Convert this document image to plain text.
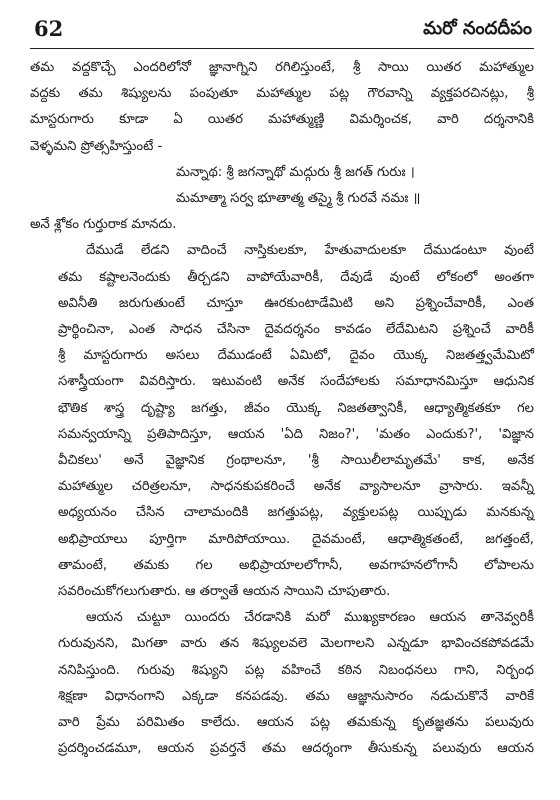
62	మరో నందదీపం

తమ వద్దకొచ్చే ఎందరిలోనో జ్ఞానాగ్నిని రగిలిస్తుంటే, శ్రీ సాయి యితర మహాత్ముల
వద్దకు తమ శిష్యులను పంపుతూ మహాత్ముల పట్ల గౌరవాన్ని వ్యక్తపరచినట్లు, శ్రీ
మాస్టరుగారు కూడా ఏ యితర మహాత్ముణ్ణి విమర్శించక, వారి దర్శనానికి
వెళ్ళమని ప్రోత్సహిస్తుంటే -

మన్నాథ: శ్రీ జగన్నాథో మద్గురు శ్రీ జగత్ గురుః ।
మమాత్మా సర్వ భూతాత్మ తస్మై శ్రీ గురవే నమః ॥

అనే శ్లోకం గుర్తురాక మానదు.

దేముడే లేడని వాదించే నాస్తికులకూ, హేతువాదులకూ దేముడంటూ వుంటే
తమ కష్టాలనెందుకు తీర్చడని వాపోయేవారికీ, దేవుడే వుంటే లోకంలో అంతగా
అవినీతి జరుగుతుంటే చూస్తూ ఊరకుంటాడేమిటి అని ప్రశ్నించేవారికీ, ఎంత
ప్రార్థించినా, ఎంత సాధన చేసినా దైవదర్శనం కావడం లేదేమిటని ప్రశ్నించే వారికీ
శ్రీ మాస్టరుగారు అసలు దేముడంటే ఏమిటో, దైవం యొక్క నిజతత్త్వమేమిటో
సశాస్త్రీయంగా వివరిస్తారు. ఇటువంటి అనేక సందేహాలకు సమాధానమిస్తూ ఆధునిక
భౌతిక శాస్త్ర దృష్ట్యా జగత్తు, జీవం యొక్క నిజతత్వానికీ, ఆధ్యాత్మికతకూ గల
సమన్వయాన్ని ప్రతిపాదిస్తూ, ఆయన 'ఏది నిజం?', 'మతం ఎందుకు?', 'విజ్ఞాన
వీచికలు' అనే వైజ్ఞానిక గ్రంథాలనూ, 'శ్రీ సాయిలీలామృతమే' కాక, అనేక
మహాత్ముల చరిత్రలనూ, సాధనకుపకరించే అనేక వ్యాసాలనూ వ్రాసారు. ఇవన్నీ
అధ్యయనం చేసిన చాలామందికి జగత్తుపట్ల, వ్యక్తులపట్ల యిప్పుడు మనకున్న
అభిప్రాయాలు పూర్తిగా మారిపోయాయి. దైవమంటే, ఆధాత్మికతంటే, జగత్తంటే,
తామంటే, తమకు గల అభిప్రాయాలలోగానీ, అవగాహనలోగానీ లోపాలను
సవరించుకోగలుగుతారు. ఆ తర్వాతే ఆయన సాయిని చూపుతారు.

ఆయన చుట్టూ యిందరు చేరడానికి మరో ముఖ్యకారణం ఆయన తానెవ్వరికీ
గురువునని, మిగతా వారు తన శిష్యులవలె మెలగాలని ఎన్నడూ భావించకపోవడమే
ననిపిస్తుంది. గురువు శిష్యుని పట్ల వహించే కఠిన నిబంధనలు గాని, నిర్బంధ
శిక్షణా విధానంగాని ఎక్కడా కనపడవు. తమ ఆజ్ఞానుసారం నడుచుకొనే వారికే
వారి ప్రేమ పరిమితం కాలేదు. ఆయన పట్ల తమకున్న కృతజ్ఞతను పలువురు
ప్రదర్శించడమూ, ఆయన ప్రవర్తనే తమ ఆదర్శంగా తీసుకున్న పలువురు ఆయన
